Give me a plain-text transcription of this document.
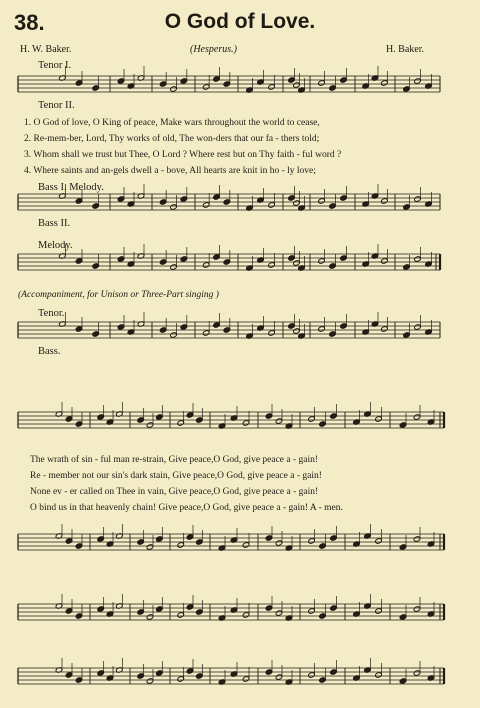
38.	O God of Love.
H. W. Baker.	(Hesperus.)	H. Baker.
Tenor I.
Tenor II.
1. O God of love, O King of peace, Make wars throughout the world to cease,
2. Re-mem-ber, Lord, Thy works of old, The won-ders that our fa - thers told;
3. Whom shall we trust but Thee, O Lord ? Where rest but on Thy faith - ful word ?
4. Where saints and an-gels dwell a - bove, All hearts are knit in ho - ly love;
Bass I. Melody.
Bass II.
Melody.
(Accompaniment, for Unison or Three-Part singing )
Tenor.
Bass.
The wrath of sin - ful man re-strain, Give peace,O God, give peace a - gain!
Re - member not our sin's dark stain, Give peace,O God, give peace a - gain!
None ev - er called on Thee in vain, Give peace,O God, give peace a - gain!
O bind us in that heavenly chain! Give peace,O God, give peace a - gain! A - men.
